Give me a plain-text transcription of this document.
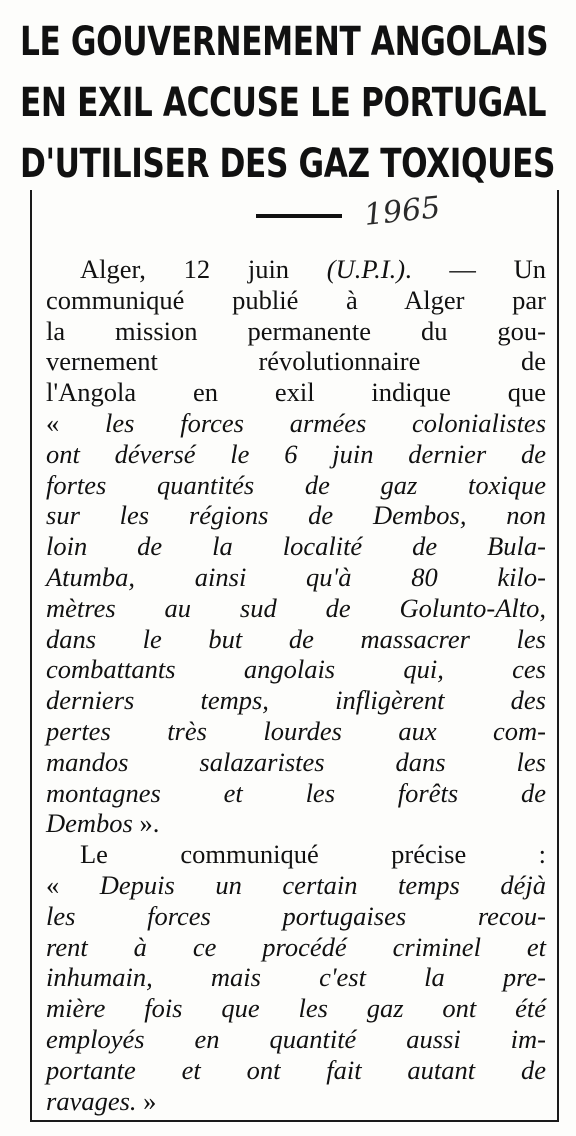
LE GOUVERNEMENT ANGOLAIS
EN EXIL ACCUSE LE PORTUGAL
D'UTILISER DES GAZ TOXIQUES
1965
Alger, 12 juin (U.P.I.). — Un
communiqué publié à Alger par
la mission permanente du gou-
vernement révolutionnaire de
l'Angola en exil indique que
« les forces armées colonialistes
ont déversé le 6 juin dernier de
fortes quantités de gaz toxique
sur les régions de Dembos, non
loin de la localité de Bula-
Atumba, ainsi qu'à 80 kilo-
mètres au sud de Golunto-Alto,
dans le but de massacrer les
combattants angolais qui, ces
derniers temps, infligèrent des
pertes très lourdes aux com-
mandos salazaristes dans les
montagnes et les forêts de
Dembos ».
Le communiqué précise :
« Depuis un certain temps déjà
les forces portugaises recou-
rent à ce procédé criminel et
inhumain, mais c'est la pre-
mière fois que les gaz ont été
employés en quantité aussi im-
portante et ont fait autant de
ravages. »
